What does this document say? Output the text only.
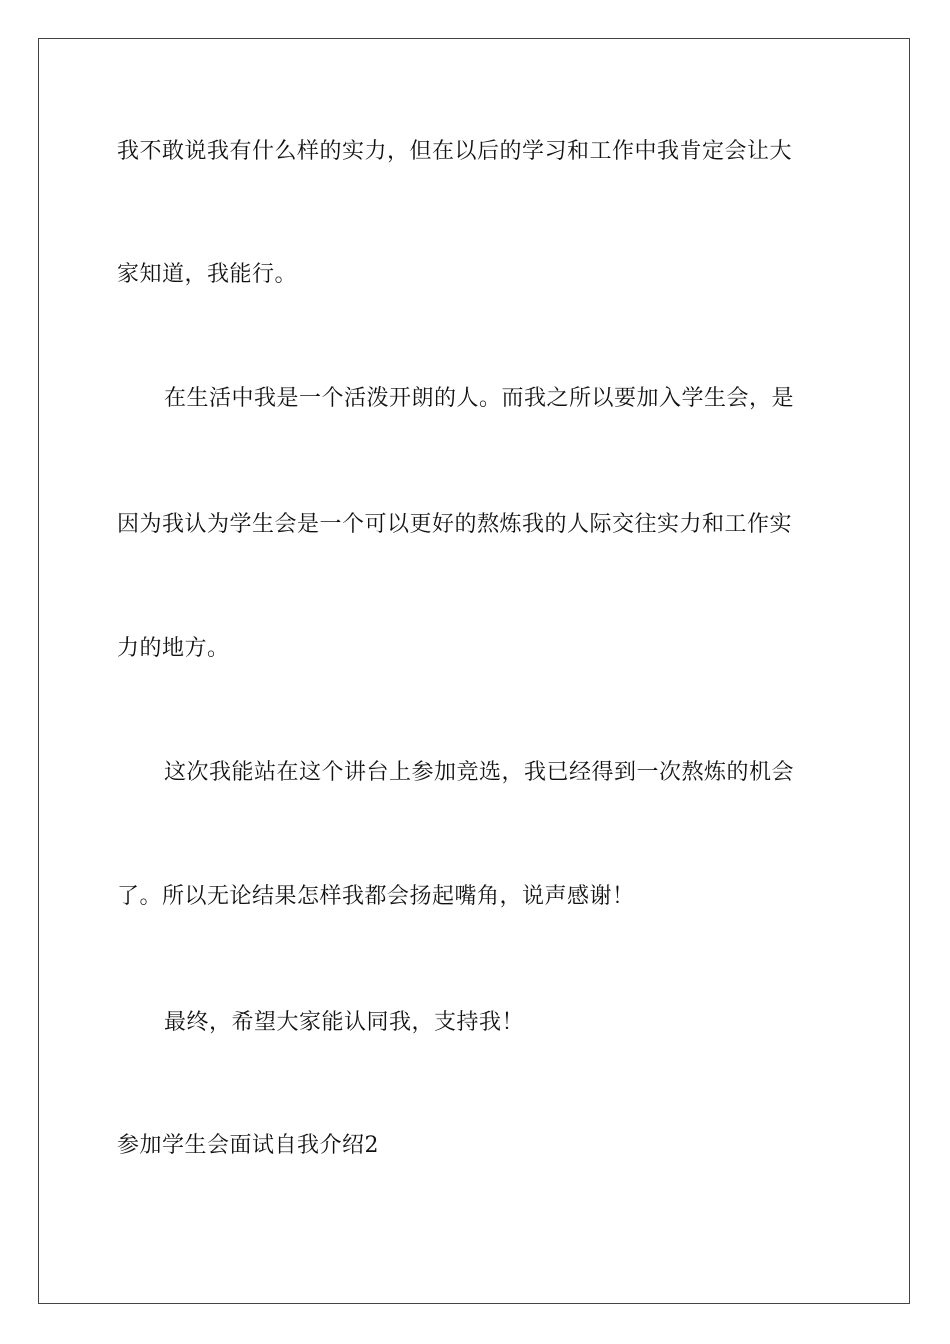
我不敢说我有什么样的实力，但在以后的学习和工作中我肯定会让大
家知道，我能行。
在生活中我是一个活泼开朗的人。而我之所以要加入学生会，是
因为我认为学生会是一个可以更好的熬炼我的人际交往实力和工作实
力的地方。
这次我能站在这个讲台上参加竞选，我已经得到一次熬炼的机会
了。所以无论结果怎样我都会扬起嘴角，说声感谢！
最终，希望大家能认同我，支持我！
参加学生会面试自我介绍2
